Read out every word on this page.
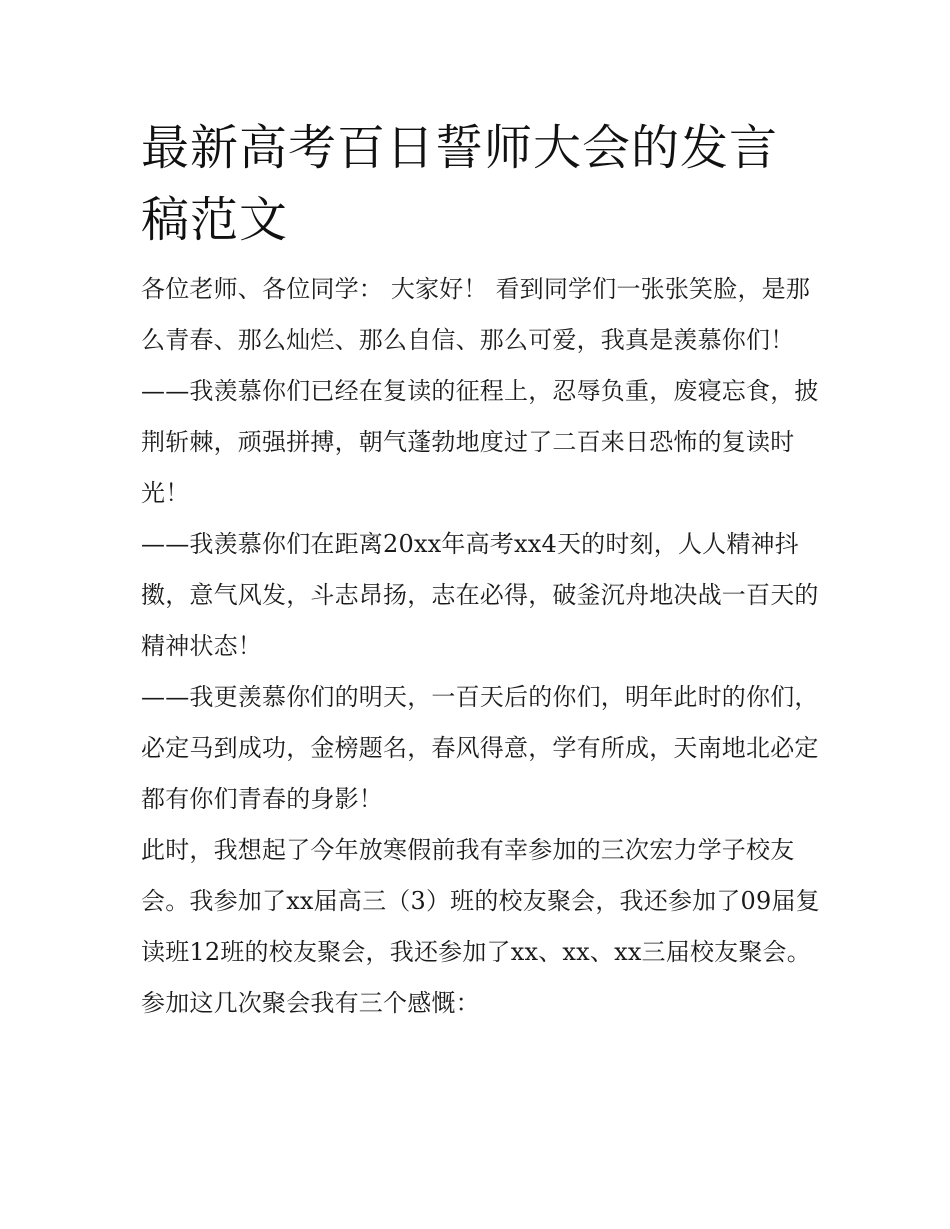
最新高考百日誓师大会的发言稿范文

各位老师、各位同学： 大家好！ 看到同学们一张张笑脸，是那么青春、那么灿烂、那么自信、那么可爱，我真是羡慕你们！

——我羡慕你们已经在复读的征程上，忍辱负重，废寝忘食，披荆斩棘，顽强拼搏，朝气蓬勃地度过了二百来日恐怖的复读时光！

——我羡慕你们在距离20xx年高考xx4天的时刻，人人精神抖擞，意气风发，斗志昂扬，志在必得，破釜沉舟地决战一百天的精神状态！

——我更羡慕你们的明天，一百天后的你们，明年此时的你们，必定马到成功，金榜题名，春风得意，学有所成，天南地北必定都有你们青春的身影！

此时，我想起了今年放寒假前我有幸参加的三次宏力学子校友会。我参加了xx届高三（3）班的校友聚会，我还参加了09届复读班12班的校友聚会，我还参加了xx、xx、xx三届校友聚会。参加这几次聚会我有三个感慨：
